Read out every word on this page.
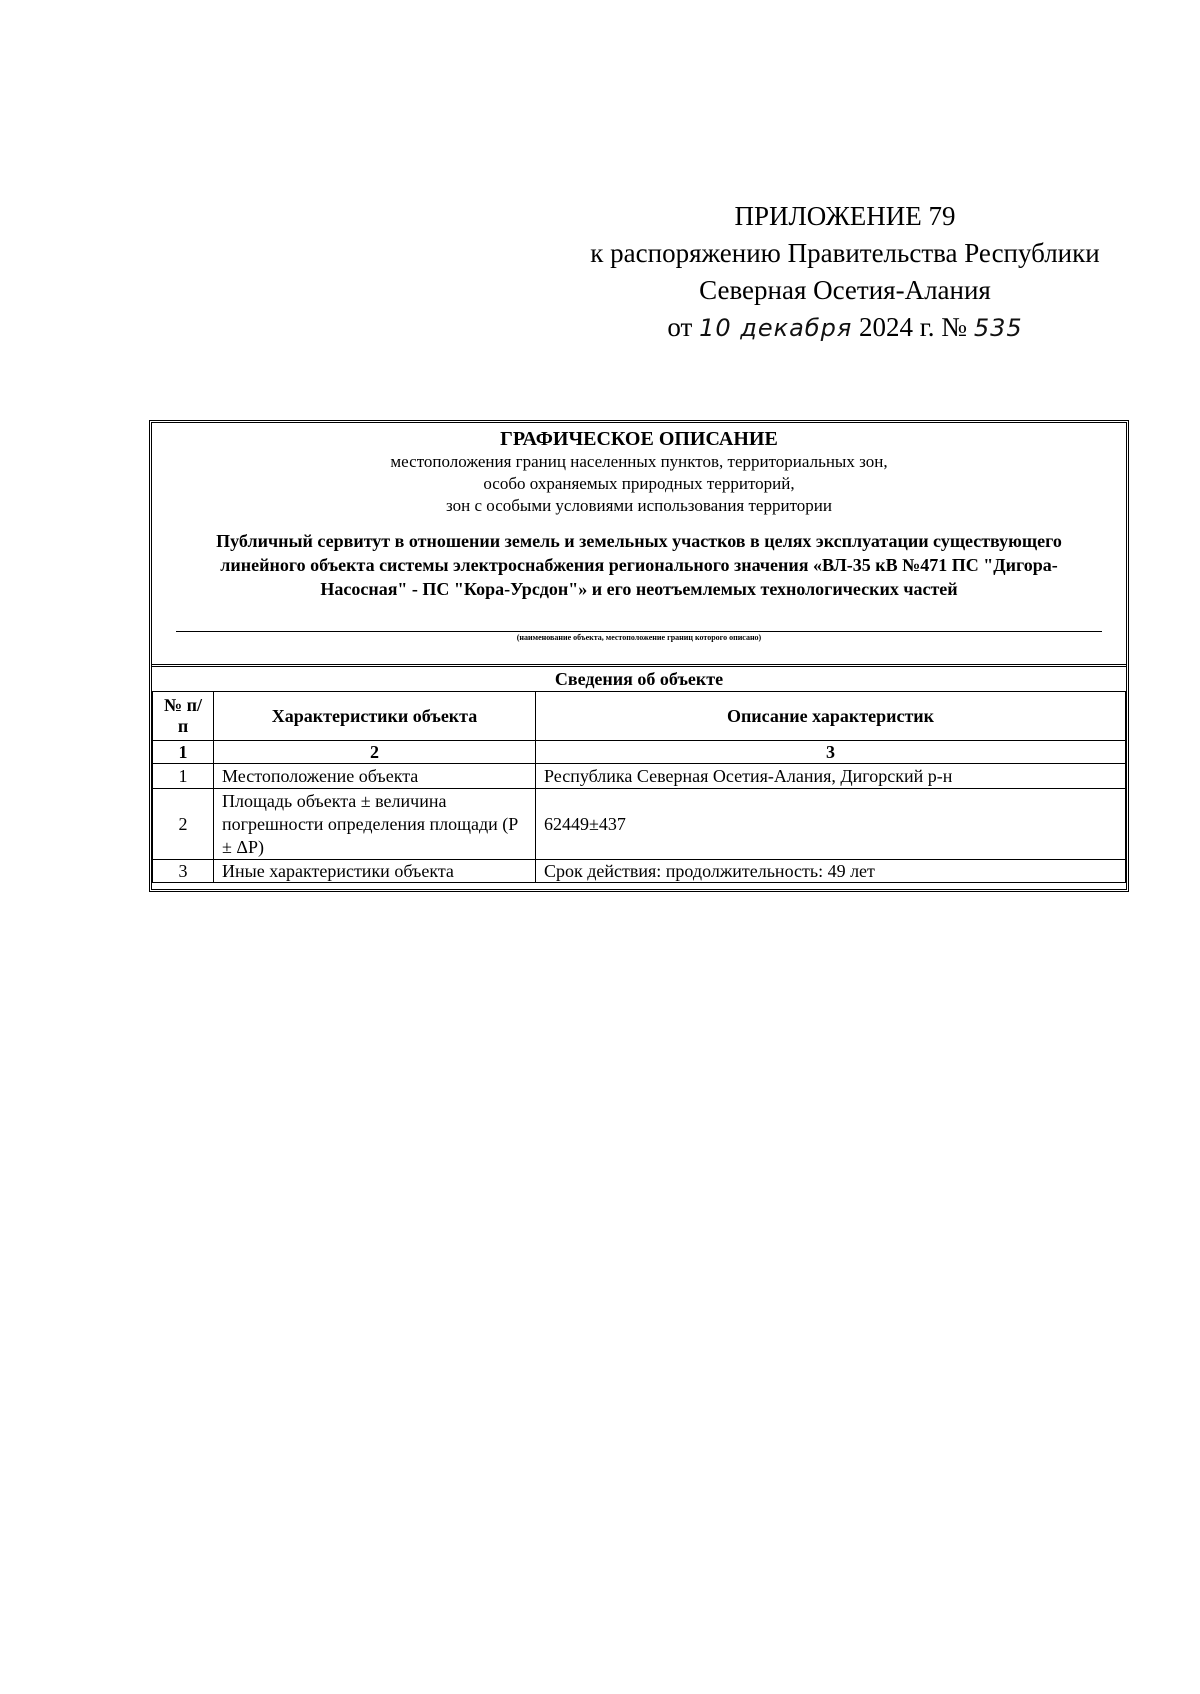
ПРИЛОЖЕНИЕ 79
к распоряжению Правительства Республики
Северная Осетия-Алания
от 10 декабря 2024 г. № 535
ГРАФИЧЕСКОЕ ОПИСАНИЕ
местоположения границ населенных пунктов, территориальных зон,
особо охраняемых природных территорий,
зон с особыми условиями использования территории
Публичный сервитут в отношении земель и земельных участков в целях эксплуатации существующего линейного объекта системы электроснабжения регионального значения «ВЛ-35 кВ №471 ПС "Дигора-Насосная" - ПС "Кора-Урсдон"» и его неотъемлемых технологических частей
(наименование объекта, местоположение границ которого описано)
Сведения об объекте
№ п/п	Характеристики объекта	Описание характеристик
1	2	3
1	Местоположение объекта	Республика Северная Осетия-Алания, Дигорский р-н
2	Площадь объекта ± величина погрешности определения площади (P ± ΔP)	62449±437
3	Иные характеристики объекта	Срок действия: продолжительность: 49 лет
